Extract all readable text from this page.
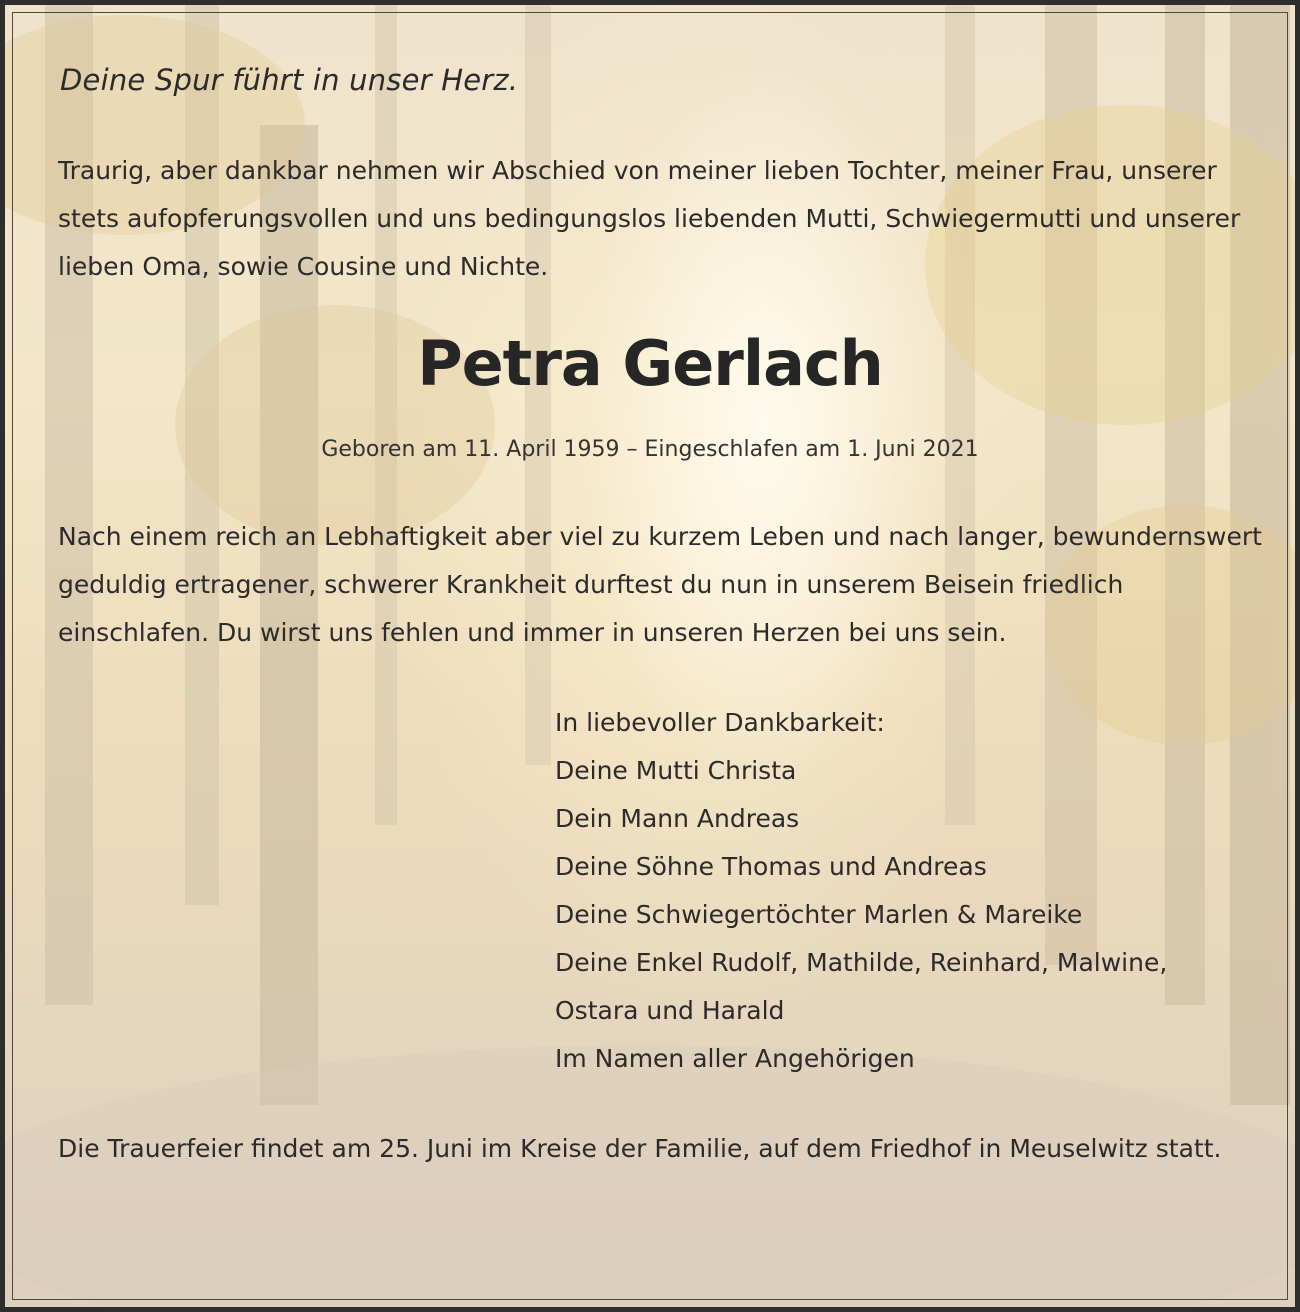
Deine Spur führt in unser Herz.
Traurig, aber dankbar nehmen wir Abschied von meiner lieben Tochter, meiner Frau, unserer stets aufopferungsvollen und uns bedingungslos liebenden Mutti, Schwiegermutti und unserer lieben Oma, sowie Cousine und Nichte.
Petra Gerlach
Geboren am 11. April 1959 – Eingeschlafen am 1. Juni 2021
Nach einem reich an Lebhaftigkeit aber viel zu kurzem Leben und nach langer, bewundernswert geduldig ertragener, schwerer Krankheit durftest du nun in unserem Beisein friedlich einschlafen. Du wirst uns fehlen und immer in unseren Herzen bei uns sein.
In liebevoller Dankbarkeit:
Deine Mutti Christa
Dein Mann Andreas
Deine Söhne Thomas und Andreas
Deine Schwiegertöchter Marlen & Mareike
Deine Enkel Rudolf, Mathilde, Reinhard, Malwine,
Ostara und Harald
Im Namen aller Angehörigen
Die Trauerfeier findet am 25. Juni im Kreise der Familie, auf dem Friedhof in Meuselwitz statt.
